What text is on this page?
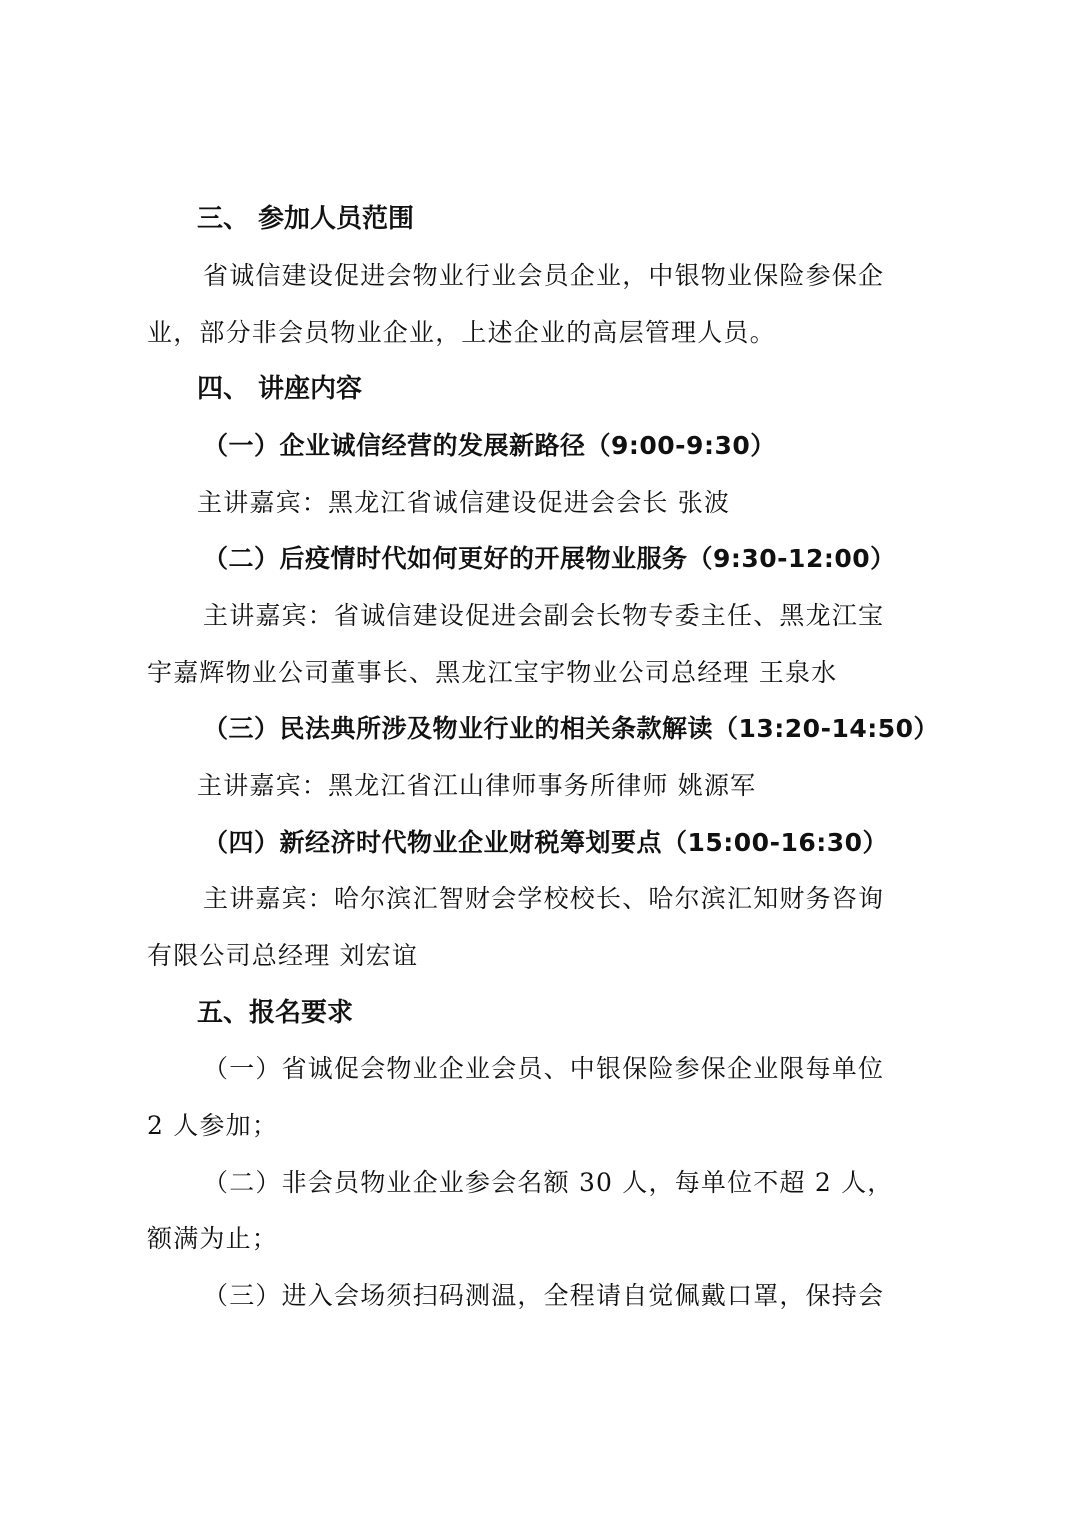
三、 参加人员范围
省诚信建设促进会物业行业会员企业，中银物业保险参保企
业，部分非会员物业企业，上述企业的高层管理人员。
四、 讲座内容
（一）企业诚信经营的发展新路径（9:00-9:30）
主讲嘉宾：黑龙江省诚信建设促进会会长 张波
（二）后疫情时代如何更好的开展物业服务（9:30-12:00）
主讲嘉宾：省诚信建设促进会副会长物专委主任、黑龙江宝
宇嘉辉物业公司董事长、黑龙江宝宇物业公司总经理 王泉水
（三）民法典所涉及物业行业的相关条款解读（13:20-14:50）
主讲嘉宾：黑龙江省江山律师事务所律师 姚源军
（四）新经济时代物业企业财税筹划要点（15:00-16:30）
主讲嘉宾：哈尔滨汇智财会学校校长、哈尔滨汇知财务咨询
有限公司总经理 刘宏谊
五、报名要求
（一）省诚促会物业企业会员、中银保险参保企业限每单位
2 人参加；
（二）非会员物业企业参会名额 30 人，每单位不超 2 人，
额满为止；
（三）进入会场须扫码测温，全程请自觉佩戴口罩，保持会
